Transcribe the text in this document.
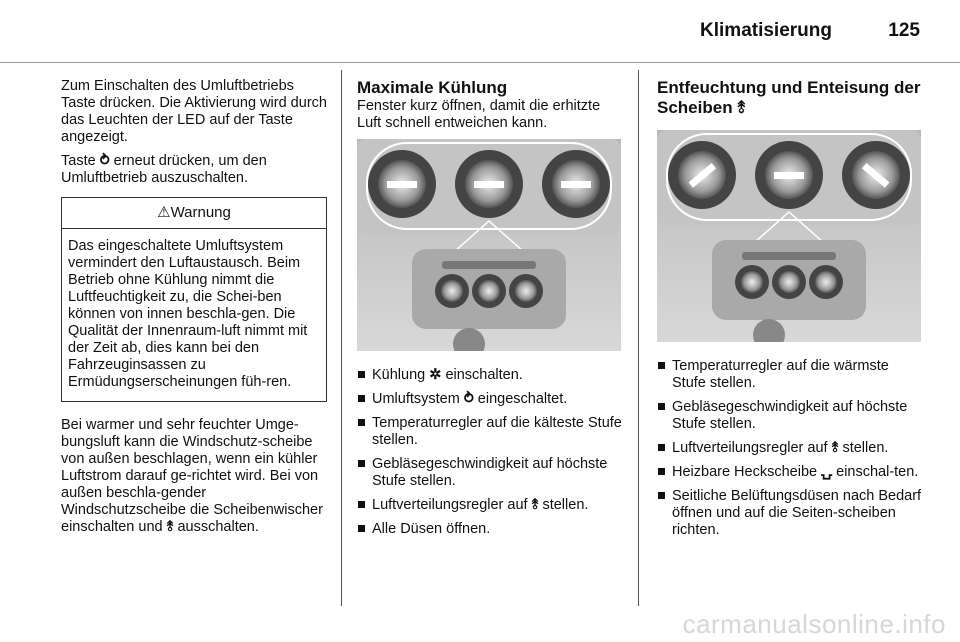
Klimatisierung	125

Zum Einschalten des Umluftbetriebs Taste drücken. Die Aktivierung wird durch das Leuchten der LED auf der Taste angezeigt.

Taste ⥁ erneut drücken, um den Umluftbetrieb auszuschalten.

⚠Warnung
Das eingeschaltete Umluftsystem vermindert den Luftaustausch. Beim Betrieb ohne Kühlung nimmt die Luftfeuchtigkeit zu, die Schei-ben können von innen beschla-gen. Die Qualität der Innenraum-luft nimmt mit der Zeit ab, dies kann bei den Fahrzeuginsassen zu Ermüdungserscheinungen füh-ren.

Bei warmer und sehr feuchter Umge-bungsluft kann die Windschutz-scheibe von außen beschlagen, wenn ein kühler Luftstrom darauf ge-richtet wird. Bei von außen beschla-gender Windschutzscheibe die Scheibenwischer einschalten und ⥉ ausschalten.

Maximale Kühlung

Fenster kurz öffnen, damit die erhitzte Luft schnell entweichen kann.

Kühlung ✲ einschalten.
Umluftsystem ⥁ eingeschaltet.
Temperaturregler auf die kälteste Stufe stellen.
Gebläsegeschwindigkeit auf höchste Stufe stellen.
Luftverteilungsregler auf ⥉ stellen.
Alle Düsen öffnen.
Entfeuchtung und Enteisung der Scheiben ⥉
Temperaturregler auf die wärmste Stufe stellen.
Gebläsegeschwindigkeit auf höchste Stufe stellen.
Luftverteilungsregler auf ⥉ stellen.
Heizbare Heckscheibe ⍽ einschal-ten.
Seitliche Belüftungsdüsen nach Bedarf öffnen und auf die Seiten-scheiben richten.
carmanualsonline.info
